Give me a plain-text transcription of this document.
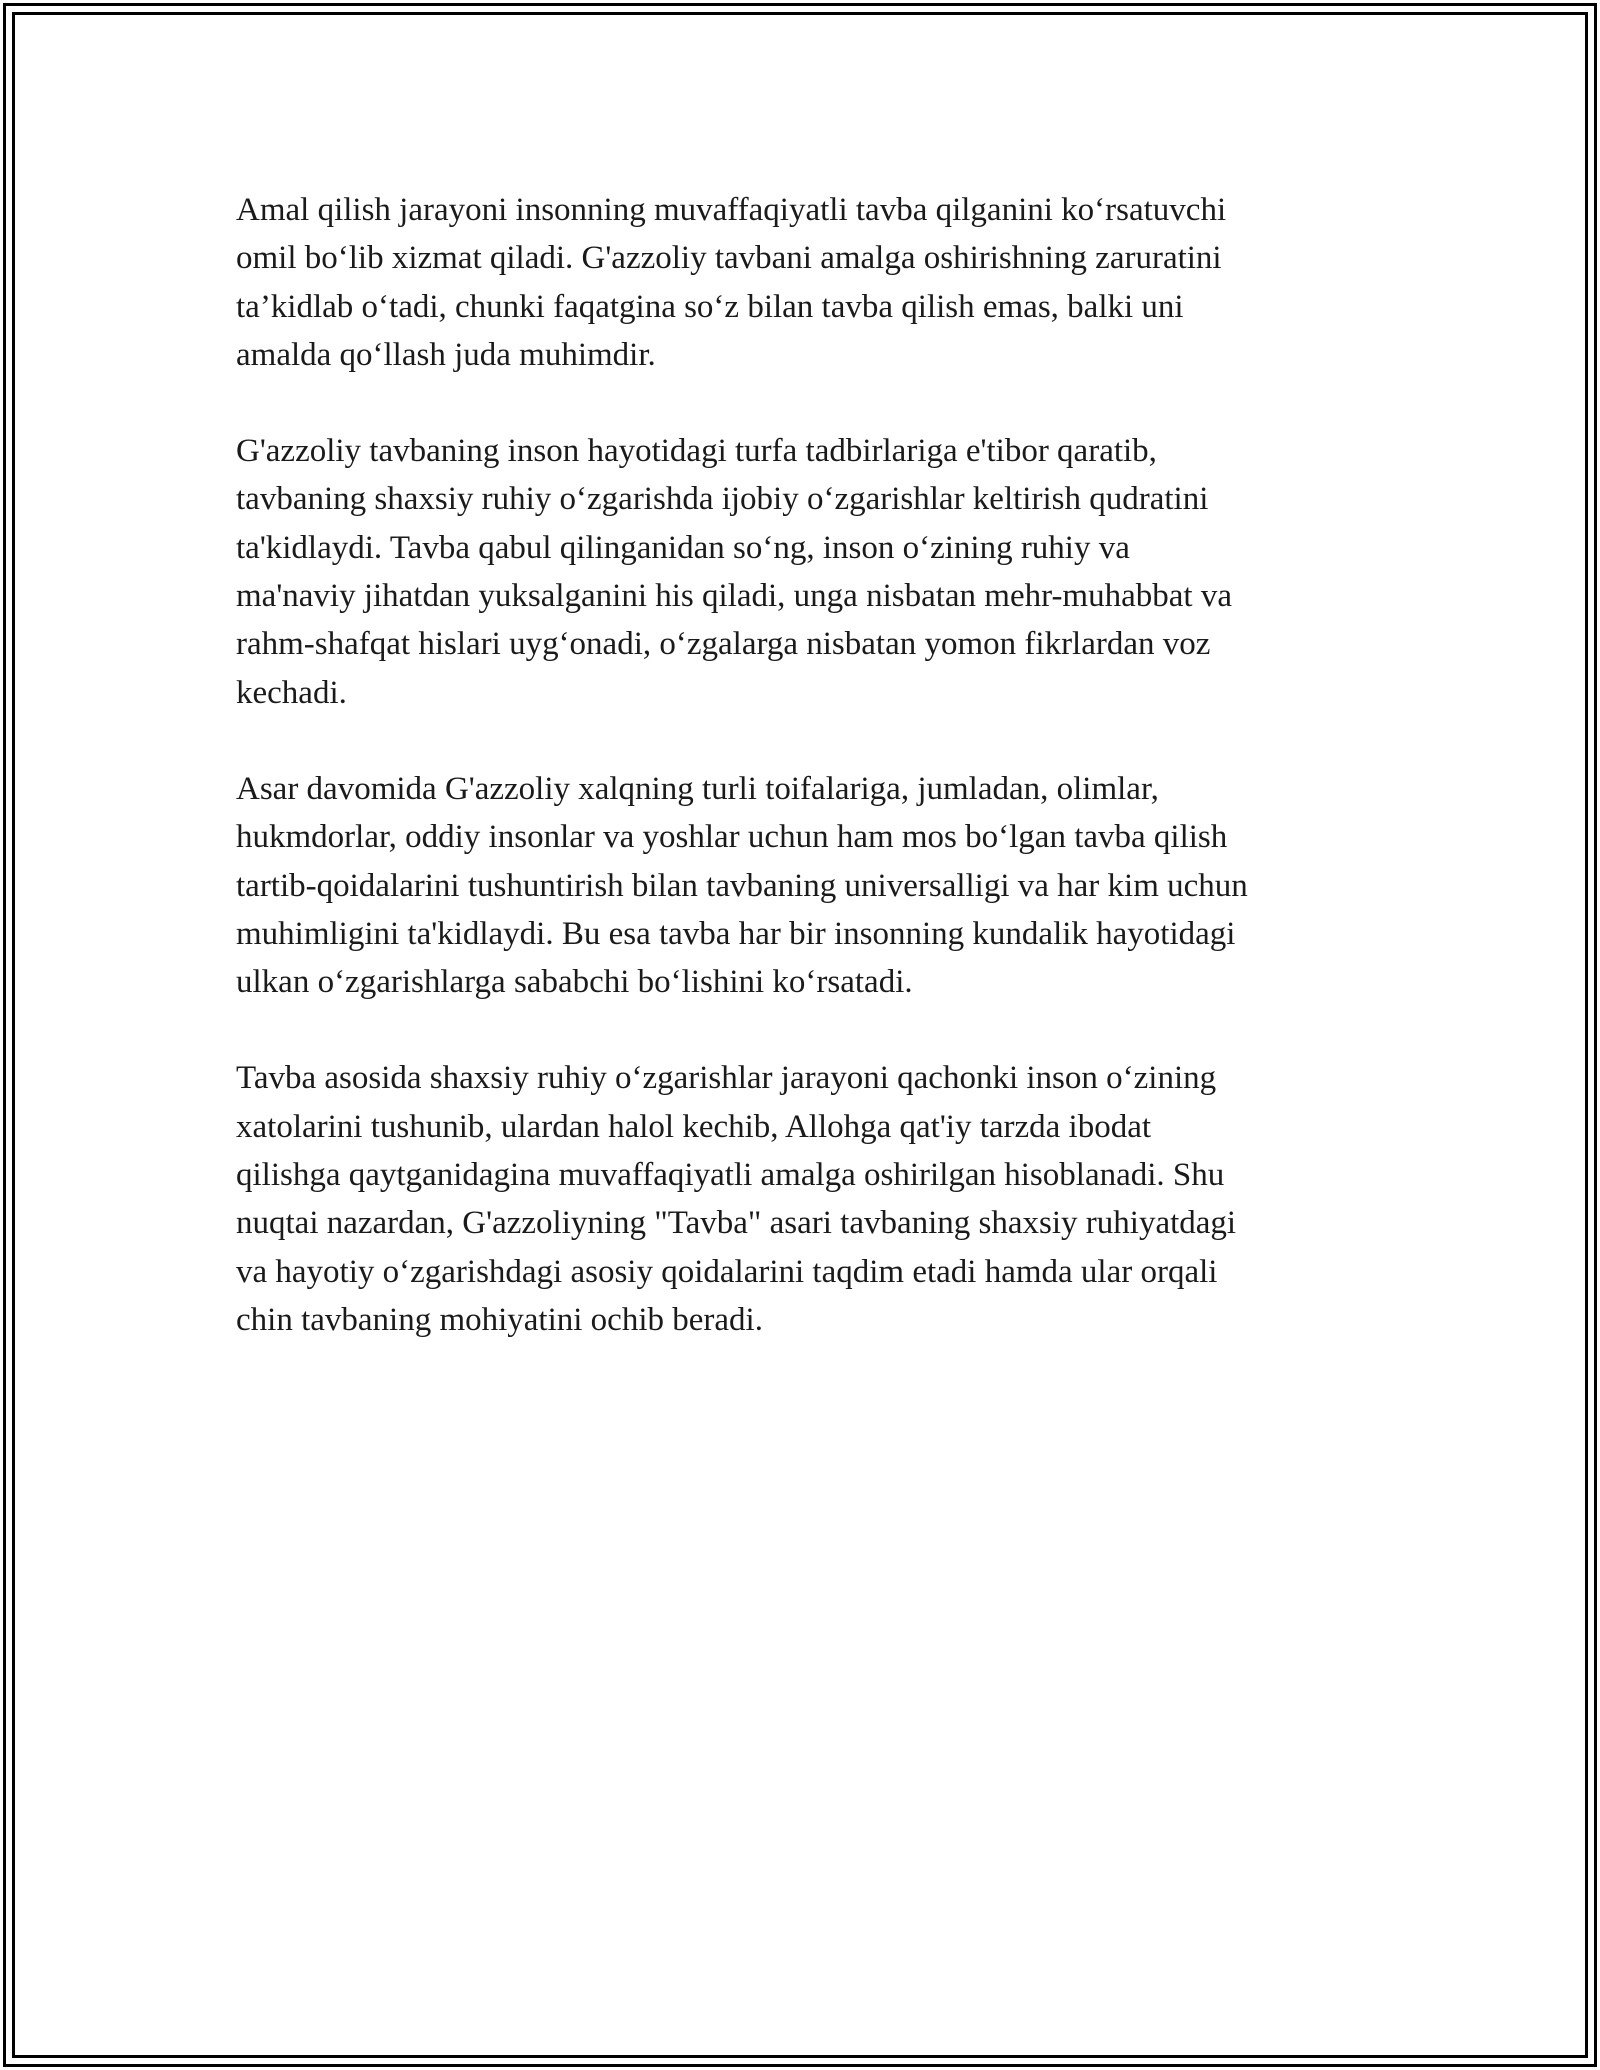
Amal qilish jarayoni insonning muvaffaqiyatli tavba qilganini ko‘rsatuvchi
omil bo‘lib xizmat qiladi. G'azzoliy tavbani amalga oshirishning zaruratini
ta’kidlab o‘tadi, chunki faqatgina so‘z bilan tavba qilish emas, balki uni
amalda qo‘llash juda muhimdir.

G'azzoliy tavbaning inson hayotidagi turfa tadbirlariga e'tibor qaratib,
tavbaning shaxsiy ruhiy o‘zgarishda ijobiy o‘zgarishlar keltirish qudratini
ta'kidlaydi. Tavba qabul qilinganidan so‘ng, inson o‘zining ruhiy va
ma'naviy jihatdan yuksalganini his qiladi, unga nisbatan mehr-muhabbat va
rahm-shafqat hislari uyg‘onadi, o‘zgalarga nisbatan yomon fikrlardan voz
kechadi.

Asar davomida G'azzoliy xalqning turli toifalariga, jumladan, olimlar,
hukmdorlar, oddiy insonlar va yoshlar uchun ham mos bo‘lgan tavba qilish
tartib-qoidalarini tushuntirish bilan tavbaning universalligi va har kim uchun
muhimligini ta'kidlaydi. Bu esa tavba har bir insonning kundalik hayotidagi
ulkan o‘zgarishlarga sababchi bo‘lishini ko‘rsatadi.

Tavba asosida shaxsiy ruhiy o‘zgarishlar jarayoni qachonki inson o‘zining
xatolarini tushunib, ulardan halol kechib, Allohga qat'iy tarzda ibodat
qilishga qaytganidagina muvaffaqiyatli amalga oshirilgan hisoblanadi. Shu
nuqtai nazardan, G'azzoliyning "Tavba" asari tavbaning shaxsiy ruhiyatdagi
va hayotiy o‘zgarishdagi asosiy qoidalarini taqdim etadi hamda ular orqali
chin tavbaning mohiyatini ochib beradi.
